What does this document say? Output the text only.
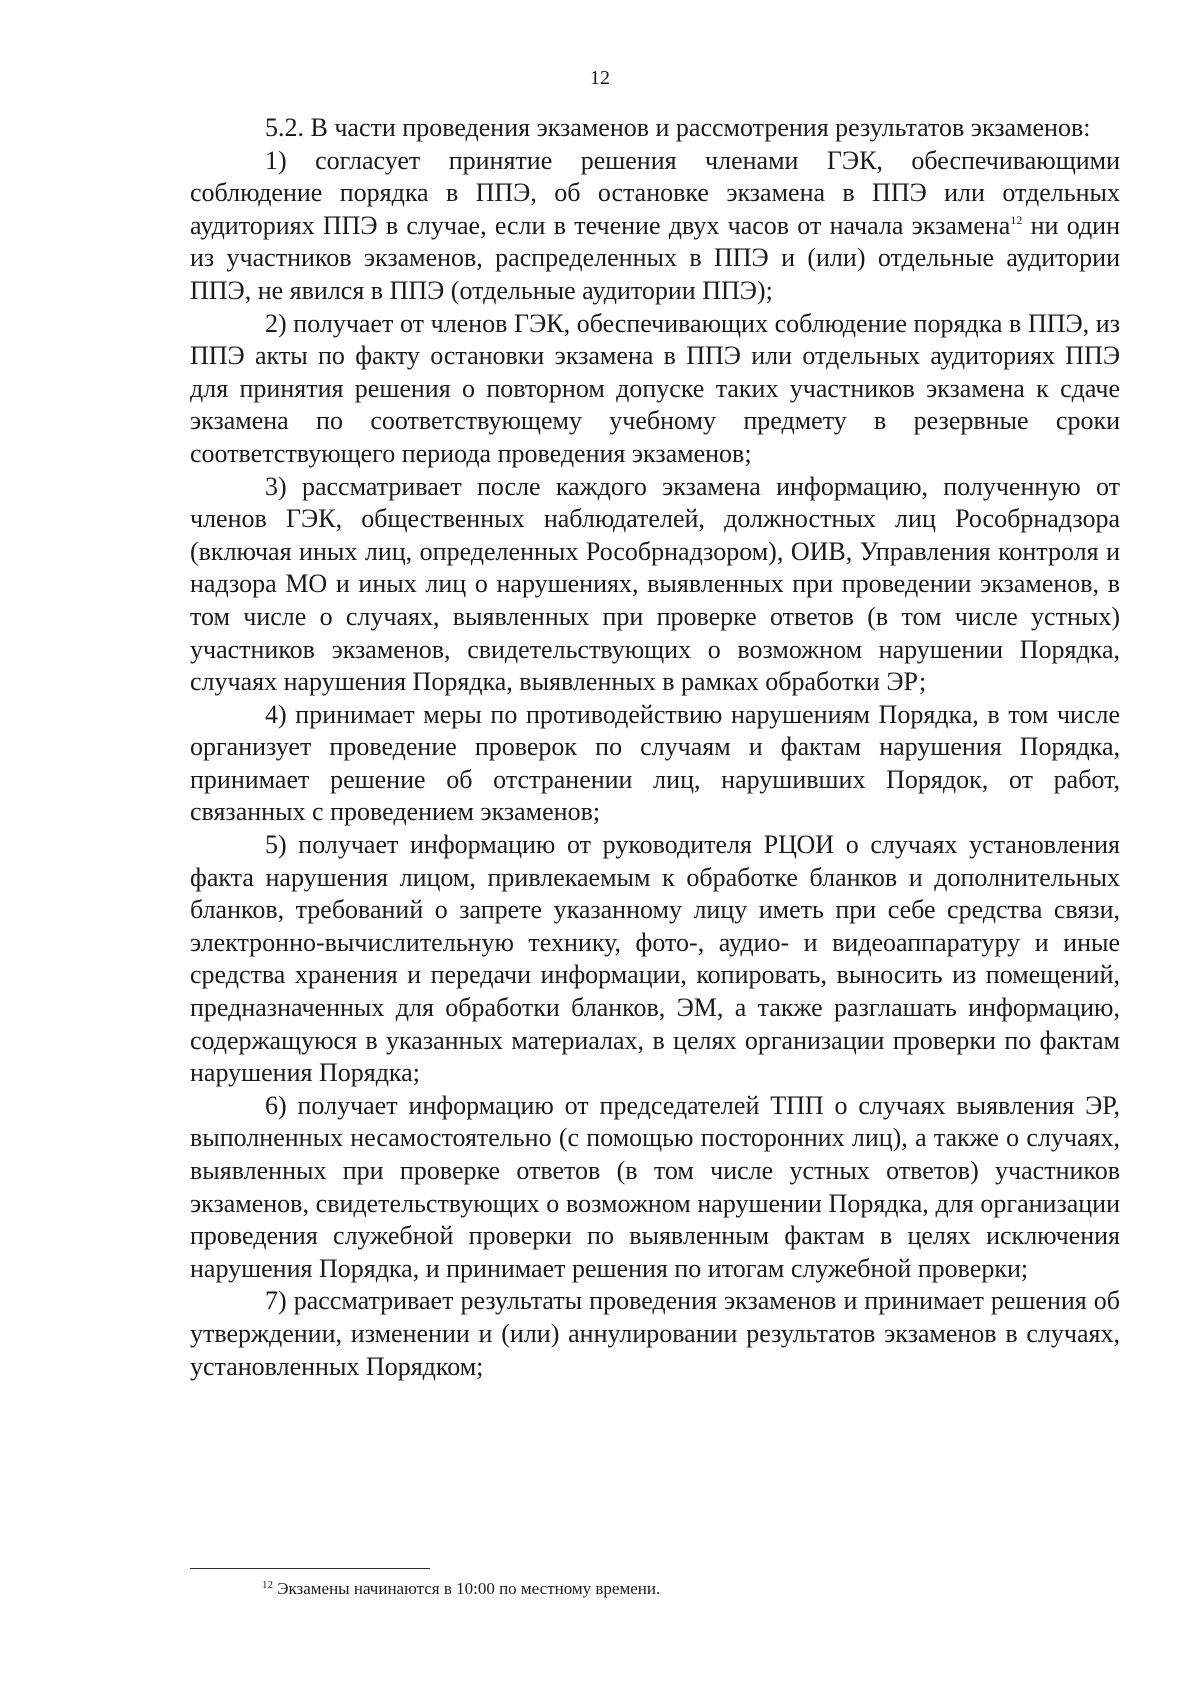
12

5.2. В части проведения экзаменов и рассмотрения результатов экзаменов:

1) согласует принятие решения членами ГЭК, обеспечивающими соблюдение порядка в ППЭ, об остановке экзамена в ППЭ или отдельных аудиториях ППЭ в случае, если в течение двух часов от начала экзамена$^{12}$ ни один из участников экзаменов, распределенных в ППЭ и (или) отдельные аудитории ППЭ, не явился в ППЭ (отдельные аудитории ППЭ);

2) получает от членов ГЭК, обеспечивающих соблюдение порядка в ППЭ, из ППЭ акты по факту остановки экзамена в ППЭ или отдельных аудиториях ППЭ для принятия решения о повторном допуске таких участников экзамена к сдаче экзамена по соответствующему учебному предмету в резервные сроки соответствующего периода проведения экзаменов;

3) рассматривает после каждого экзамена информацию, полученную от членов ГЭК, общественных наблюдателей, должностных лиц Рособрнадзора (включая иных лиц, определенных Рособрнадзором), ОИВ, Управления контроля и надзора МО и иных лиц о нарушениях, выявленных при проведении экзаменов, в том числе о случаях, выявленных при проверке ответов (в том числе устных) участников экзаменов, свидетельствующих о возможном нарушении Порядка, случаях нарушения Порядка, выявленных в рамках обработки ЭР;

4) принимает меры по противодействию нарушениям Порядка, в том числе организует проведение проверок по случаям и фактам нарушения Порядка, принимает решение об отстранении лиц, нарушивших Порядок, от работ, связанных с проведением экзаменов;

5) получает информацию от руководителя РЦОИ о случаях установления факта нарушения лицом, привлекаемым к обработке бланков и дополнительных бланков, требований о запрете указанному лицу иметь при себе средства связи, электронно-вычислительную технику, фото-, аудио- и видеоаппаратуру и иные средства хранения и передачи информации, копировать, выносить из помещений, предназначенных для обработки бланков, ЭМ, а также разглашать информацию, содержащуюся в указанных материалах, в целях организации проверки по фактам нарушения Порядка;

6) получает информацию от председателей ТПП о случаях выявления ЭР, выполненных несамостоятельно (с помощью посторонних лиц), а также о случаях, выявленных при проверке ответов (в том числе устных ответов) участников экзаменов, свидетельствующих о возможном нарушении Порядка, для организации проведения служебной проверки по выявленным фактам в целях исключения нарушения Порядка, и принимает решения по итогам служебной проверки;

7) рассматривает результаты проведения экзаменов и принимает решения об утверждении, изменении и (или) аннулировании результатов экзаменов в случаях, установленных Порядком;

$^{12}$ Экзамены начинаются в 10:00 по местному времени.
